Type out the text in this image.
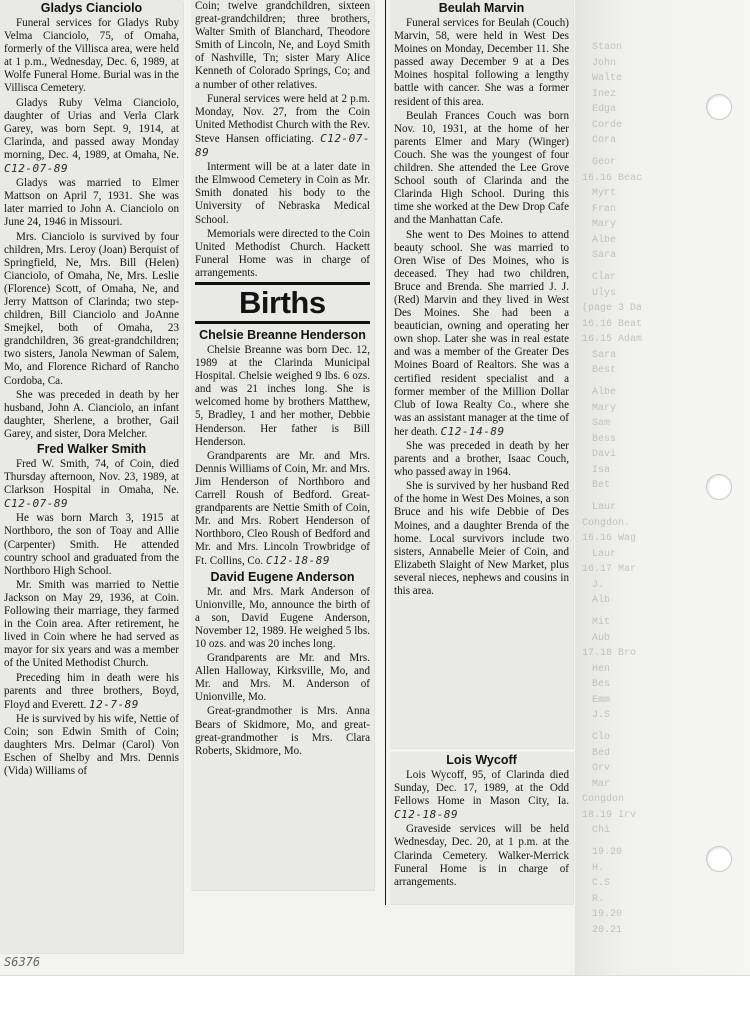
Staon
John
Walte
Inez
Edga
Corde
Cora
Geor
16.16 Beac
Myrt
Fran
Mary
Albe
Sara
Clar
Ulys
(page 3 Da
16.16 Beat
16.15 Adam
Sara
Best
Albe
Mary
Sam
Bess
Davi
Isa
Bet
Laur
Congdon.
16.16 Wag
Laur
16.17 Mar
J.
Alb
Mit
Aub
17.18 Bro
Hen
Bes
Emm
J.S
Clo
Bed
Orv
Mar
Congdon
18.19 Irv
Chi
19.20
H.
C.S
R.
19.20
20.21
Gladys Cianciolo

Funeral services for Gladys Ruby Velma Cianciolo, 75, of Omaha, formerly of the Villisca area, were held at 1 p.m., Wednesday, Dec. 6, 1989, at Wolfe Funeral Home. Burial was in the Villisca Cemetery.

Gladys Ruby Velma Cianciolo, daughter of Urias and Verla Clark Garey, was born Sept. 9, 1914, at Clarinda, and passed away Monday morning, Dec. 4, 1989, at Omaha, Ne. C12-07-89

Gladys was married to Elmer Mattson on April 7, 1931. She was later married to John A. Cianciolo on June 24, 1946 in Missouri.

Mrs. Cianciolo is survived by four children, Mrs. Leroy (Joan) Berquist of Springfield, Ne, Mrs. Bill (Helen) Cianciolo, of Omaha, Ne, Mrs. Leslie (Florence) Scott, of Omaha, Ne, and Jerry Mattson of Clarinda; two step-children, Bill Cianciolo and JoAnne Smejkel, both of Omaha, 23 grandchildren, 36 great-grandchildren; two sisters, Janola Newman of Salem, Mo, and Florence Richard of Rancho Cordoba, Ca.

She was preceded in death by her husband, John A. Cianciolo, an infant daughter, Sherlene, a brother, Gail Garey, and sister, Dora Melcher.

Fred Walker Smith

Fred W. Smith, 74, of Coin, died Thursday afternoon, Nov. 23, 1989, at Clarkson Hospital in Omaha, Ne. C12-07-89

He was born March 3, 1915 at Northboro, the son of Toay and Allie (Carpenter) Smith. He attended country school and graduated from the Northboro High School.

Mr. Smith was married to Nettie Jackson on May 29, 1936, at Coin. Following their marriage, they farmed in the Coin area. After retirement, he lived in Coin where he had served as mayor for six years and was a member of the United Methodist Church.

Preceding him in death were his parents and three brothers, Boyd, Floyd and Everett. 12-7-89

He is survived by his wife, Nettie of Coin; son Edwin Smith of Coin; daughters Mrs. Delmar (Carol) Von Eschen of Shelby and Mrs. Dennis (Vida) Williams of

Coin; twelve grandchildren, sixteen great-grandchildren; three brothers, Walter Smith of Blanchard, Theodore Smith of Lincoln, Ne, and Loyd Smith of Nashville, Tn; sister Mary Alice Kenneth of Colorado Springs, Co; and a number of other relatives.

Funeral services were held at 2 p.m. Monday, Nov. 27, from the Coin United Methodist Church with the Rev. Steve Hansen officiating. C12-07-89

Interment will be at a later date in the Elmwood Cemetery in Coin as Mr. Smith donated his body to the University of Nebraska Medical School.

Memorials were directed to the Coin United Methodist Church. Hackett Funeral Home was in charge of arrangements.

Births
Chelsie Breanne Henderson

Chelsie Breanne was born Dec. 12, 1989 at the Clarinda Municipal Hospital. Chelsie weighed 9 lbs. 6 ozs. and was 21 inches long. She is welcomed home by brothers Matthew, 5, Bradley, 1 and her mother, Debbie Henderson. Her father is Bill Henderson.

Grandparents are Mr. and Mrs. Dennis Williams of Coin, Mr. and Mrs. Jim Henderson of Northboro and Carrell Roush of Bedford. Great-grandparents are Nettie Smith of Coin, Mr. and Mrs. Robert Henderson of Northboro, Cleo Roush of Bedford and Mr. and Mrs. Lincoln Trowbridge of Ft. Collins, Co. C12-18-89

David Eugene Anderson

Mr. and Mrs. Mark Anderson of Unionville, Mo, announce the birth of a son, David Eugene Anderson, November 12, 1989. He weighed 5 lbs. 10 ozs. and was 20 inches long.

Grandparents are Mr. and Mrs. Allen Halloway, Kirksville, Mo, and Mr. and Mrs. M. Anderson of Unionville, Mo.

Great-grandmother is Mrs. Anna Bears of Skidmore, Mo, and great-great-grandmother is Mrs. Clara Roberts, Skidmore, Mo.

Beulah Marvin

Funeral services for Beulah (Couch) Marvin, 58, were held in West Des Moines on Monday, December 11. She passed away December 9 at a Des Moines hospital following a lengthy battle with cancer. She was a former resident of this area.

Beulah Frances Couch was born Nov. 10, 1931, at the home of her parents Elmer and Mary (Winger) Couch. She was the youngest of four children. She attended the Lee Grove School south of Clarinda and the Clarinda High School. During this time she worked at the Dew Drop Cafe and the Manhattan Cafe.

She went to Des Moines to attend beauty school. She was married to Oren Wise of Des Moines, who is deceased. They had two children, Bruce and Brenda. She married J. J. (Red) Marvin and they lived in West Des Moines. She had been a beautician, owning and operating her own shop. Later she was in real estate and was a member of the Greater Des Moines Board of Realtors. She was a certified resident specialist and a former member of the Million Dollar Club of Iowa Realty Co., where she was an assistant manager at the time of her death. C12-14-89

She was preceded in death by her parents and a brother, Isaac Couch, who passed away in 1964.

She is survived by her husband Red of the home in West Des Moines, a son Bruce and his wife Debbie of Des Moines, and a daughter Brenda of the home. Local survivors include two sisters, Annabelle Meier of Coin, and Elizabeth Slaight of New Market, plus several nieces, nephews and cousins in this area.

Lois Wycoff

Lois Wycoff, 95, of Clarinda died Sunday, Dec. 17, 1989, at the Odd Fellows Home in Mason City, Ia. C12-18-89

Graveside services will be held Wednesday, Dec. 20, at 1 p.m. at the Clarinda Cemetery. Walker-Merrick Funeral Home is in charge of arrangements.

S6376
